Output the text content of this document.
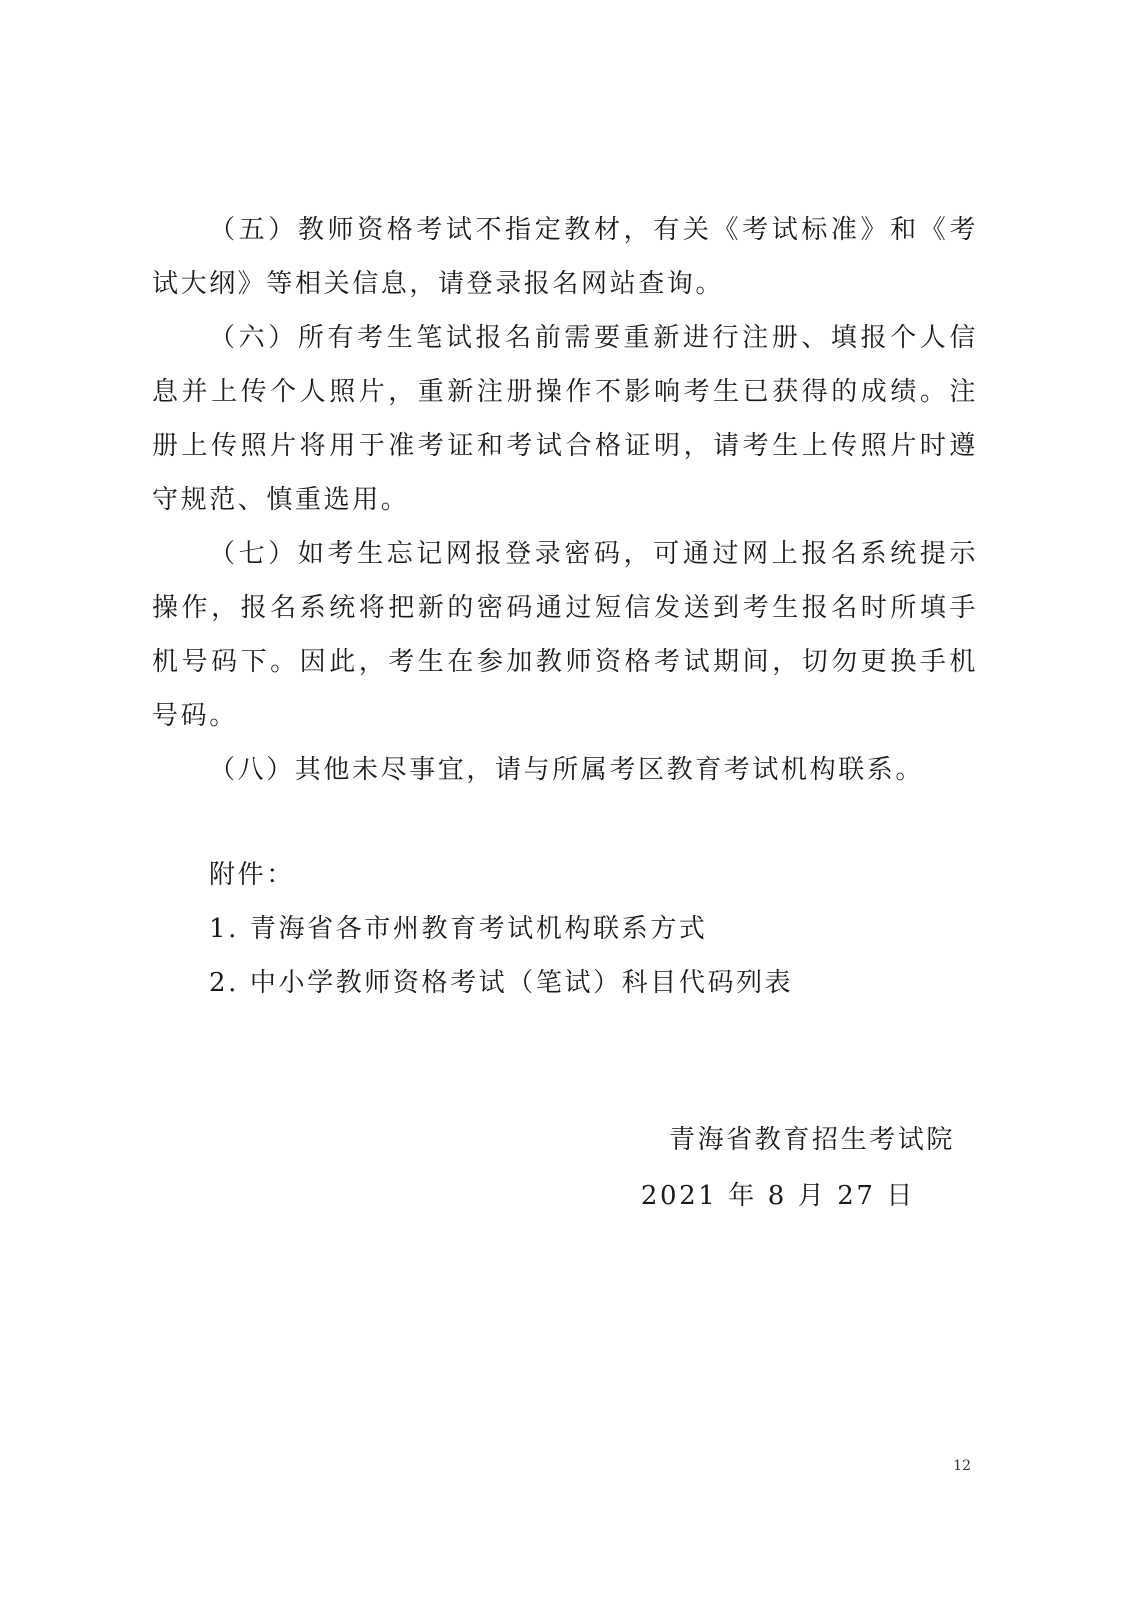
（五）教师资格考试不指定教材，有关《考试标准》和《考试大纲》等相关信息，请登录报名网站查询。

（六）所有考生笔试报名前需要重新进行注册、填报个人信息并上传个人照片，重新注册操作不影响考生已获得的成绩。注册上传照片将用于准考证和考试合格证明，请考生上传照片时遵守规范、慎重选用。

（七）如考生忘记网报登录密码，可通过网上报名系统提示操作，报名系统将把新的密码通过短信发送到考生报名时所填手机号码下。因此，考生在参加教师资格考试期间，切勿更换手机号码。

（八）其他未尽事宜，请与所属考区教育考试机构联系。

附件：
1. 青海省各市州教育考试机构联系方式
2. 中小学教师资格考试（笔试）科目代码列表
青海省教育招生考试院
2021 年 8 月 27 日
12
